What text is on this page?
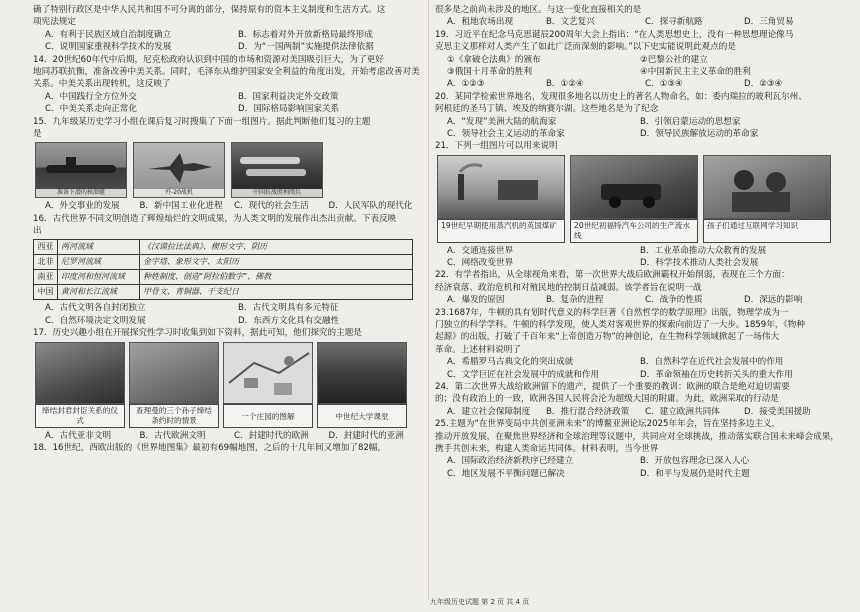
确了特别行政区是中华人民共和国不可分离的部分，保持原有的资本主义制度和生活方式。这
项宪法规定
A．有利于民族区域自治制度确立	B．标志着对外开放新格局最终形成
C．说明国家重视科学技术的发展	D．为“一国两制”实施提供法律依据
14．20世纪60年代中后期，尼克松政府认识到中国的市场和资源对美国吸引巨大，为了更好
地同苏联抗衡，准备改善中美关系。同时，毛泽东从维护国家安全利益的角度出发，开始考虑改善对美
关系。中美关系出现转机，这反映了
A．中国践行全方位外交	B．国家利益决定外交政策
C．中美关系走向正常化	D．国际格局影响国家关系
15．九年级某历史学习小组在课后复习时搜集了下面一组图片。据此判断他们复习的主题
是
准备下潜的核潜艇	歼-20战机	中国抗战胜利阅兵
A．外交事业的发展	B．新中国工业化进程	C．现代的社会生活	D．人民军队的现代化
16．古代世界不同文明创造了辉煌灿烂的文明成果，为人类文明的发展作出杰出贡献。下表反映
出
西亚	两河流域	《汉谟拉比法典》、楔形文字、阴历
北非	尼罗河流域	金字塔、象形文字、太阳历
南亚	印度河和恒河流域	种姓制度、创造“阿拉伯数字”、佛教
中国	黄河和长江流域	甲骨文、青铜器、干支纪日
A．古代文明各自封闭独立	B．古代文明具有多元特征
C．自然环境决定文明发展	D．东西方文化具有交融性
17．历史兴趣小组在开展探究性学习时收集到如下资料，据此可知，他们探究的主题是
缔结封君封臣关系的仪式
查理曼的三个孙子缔结条约时的情景	一个庄园的图解	中世纪大学课堂
A．古代亚非文明	B．古代欧洲文明	C．封建时代的欧洲	D．封建时代的亚洲
18．16世纪，西欧出版的《世界地图集》最初有69幅地图，之后的十几年间又增加了82幅，
很多是之前尚未涉及的地区。与这一变化直接相关的是
A．租地农场出现	B．文艺复兴	C．探寻新航路	D．三角贸易
19．习近平在纪念马克思诞辰200周年大会上指出：“在人类思想史上，没有一种思想理论像马
克思主义那样对人类产生了如此广泛而深刻的影响。”以下史实能说明此观点的是
①《拿破仑法典》的颁布	②巴黎公社的建立
③俄国十月革命的胜利	④中国新民主主义革命的胜利
A．①②③	B．①②④	C．①③④	D．②③④
20．某同学检索世界地名，发现很多地名以历史上的著名人物命名，如：委内瑞拉的玻利瓦尔州、
阿根廷的圣马丁镇、埃及的纳赛尔湖。这些地名是为了纪念
A．“发现”美洲大陆的航海家	B．引领启蒙运动的思想家
C．领导社会主义运动的革命家	D．领导民族解放运动的革命家
21．下列一组图片可以用来说明
19世纪早期使用蒸汽机的英国煤矿	20世纪初福特汽车公司的生产流水线
孩子们通过互联网学习知识
A．交通连接世界	B．工业革命推动大众教育的发展
C．网络改变世界	D．科学技术推动人类社会发展
22．有学者指出，从全球视角来看，第一次世界大战后欧洲霸权开始削弱，表现在三个方面：
经济衰落、政治危机和对殖民地的控制日益减弱。该学者旨在说明一战
A．爆发的原因	B．复杂的进程	C．战争的性质	D．深远的影响
23.1687年，牛顿的具有划时代意义的科学巨著《自然哲学的数学原理》出版，物理学成为一
门独立的科学学科。牛顿的科学发现，使人类对客观世界的探索向前迈了一大步。1859年，《物种
起源》的出版，打破了千百年来“上帝创造万物”的神创论，在生物科学领域掀起了一场伟大
革命。上述材料说明了
A．希腊罗马古典文化的突出成就	B．自然科学在近代社会发展中的作用
C．文学巨匠在社会发展中的成就和作用	D．革命领袖在历史转折关头的重大作用
24．第二次世界大战给欧洲留下的遗产，提供了一个重要的教训：欧洲的联合是绝对迫切需要
的；没有政治上的一致，欧洲各国人民将会沦为超级大国的附庸。为此，欧洲采取的行动是
A．建立社会保障制度	B．推行混合经济政策	C．建立欧洲共同体	D．接受美国援助
25.主题为“在世界变局中共创亚洲未来”的博鳌亚洲论坛2025年年会，旨在坚持多边主义，
推动开放发展，在聚焦世界经济和全球治理等议题中，共同应对全球挑战，推动落实联合国未来峰会成果，
携手共创未来，构建人类命运共同体。材料表明，当今世界
A．国际政治经济新秩序已经建立	B．开放包容理念已深入人心
C．地区发展不平衡问题已解决	D．和平与发展仍是时代主题
九年级历史试题 第 2 页 共 4 页
